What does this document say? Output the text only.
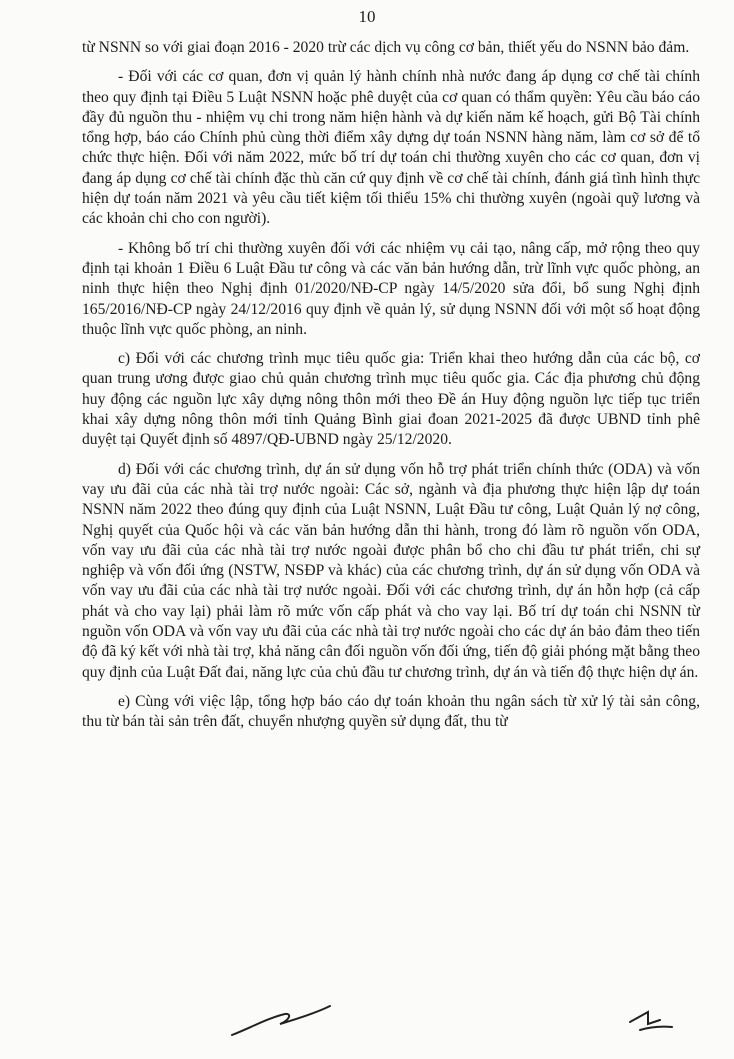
10

từ NSNN so với giai đoạn 2016 - 2020 trừ các dịch vụ công cơ bản, thiết yếu do NSNN bảo đảm.

- Đối với các cơ quan, đơn vị quản lý hành chính nhà nước đang áp dụng cơ chế tài chính theo quy định tại Điều 5 Luật NSNN hoặc phê duyệt của cơ quan có thẩm quyền: Yêu cầu báo cáo đầy đủ nguồn thu - nhiệm vụ chi trong năm hiện hành và dự kiến năm kế hoạch, gửi Bộ Tài chính tổng hợp, báo cáo Chính phủ cùng thời điểm xây dựng dự toán NSNN hàng năm, làm cơ sở để tổ chức thực hiện. Đối với năm 2022, mức bố trí dự toán chi thường xuyên cho các cơ quan, đơn vị đang áp dụng cơ chế tài chính đặc thù căn cứ quy định về cơ chế tài chính, đánh giá tình hình thực hiện dự toán năm 2021 và yêu cầu tiết kiệm tối thiểu 15% chi thường xuyên (ngoài quỹ lương và các khoản chi cho con người).

- Không bố trí chi thường xuyên đối với các nhiệm vụ cải tạo, nâng cấp, mở rộng theo quy định tại khoản 1 Điều 6 Luật Đầu tư công và các văn bản hướng dẫn, trừ lĩnh vực quốc phòng, an ninh thực hiện theo Nghị định 01/2020/NĐ-CP ngày 14/5/2020 sửa đổi, bổ sung Nghị định 165/2016/NĐ-CP ngày 24/12/2016 quy định về quản lý, sử dụng NSNN đối với một số hoạt động thuộc lĩnh vực quốc phòng, an ninh.

c) Đối với các chương trình mục tiêu quốc gia: Triển khai theo hướng dẫn của các bộ, cơ quan trung ương được giao chủ quản chương trình mục tiêu quốc gia. Các địa phương chủ động huy động các nguồn lực xây dựng nông thôn mới theo Đề án Huy động nguồn lực tiếp tục triển khai xây dựng nông thôn mới tỉnh Quảng Bình giai đoan 2021-2025 đã được UBND tỉnh phê duyệt tại Quyết định số 4897/QĐ-UBND ngày 25/12/2020.

d) Đối với các chương trình, dự án sử dụng vốn hỗ trợ phát triển chính thức (ODA) và vốn vay ưu đãi của các nhà tài trợ nước ngoài: Các sở, ngành và địa phương thực hiện lập dự toán NSNN năm 2022 theo đúng quy định của Luật NSNN, Luật Đầu tư công, Luật Quản lý nợ công, Nghị quyết của Quốc hội và các văn bản hướng dẫn thi hành, trong đó làm rõ nguồn vốn ODA, vốn vay ưu đãi của các nhà tài trợ nước ngoài được phân bổ cho chi đầu tư phát triển, chi sự nghiệp và vốn đối ứng (NSTW, NSĐP và khác) của các chương trình, dự án sử dụng vốn ODA và vốn vay ưu đãi của các nhà tài trợ nước ngoài. Đối với các chương trình, dự án hỗn hợp (cả cấp phát và cho vay lại) phải làm rõ mức vốn cấp phát và cho vay lại. Bố trí dự toán chi NSNN từ nguồn vốn ODA và vốn vay ưu đãi của các nhà tài trợ nước ngoài cho các dự án bảo đảm theo tiến độ đã ký kết với nhà tài trợ, khả năng cân đối nguồn vốn đối ứng, tiến độ giải phóng mặt bằng theo quy định của Luật Đất đai, năng lực của chủ đầu tư chương trình, dự án và tiến độ thực hiện dự án.

e) Cùng với việc lập, tổng hợp báo cáo dự toán khoản thu ngân sách từ xử lý tài sản công, thu từ bán tài sản trên đất, chuyển nhượng quyền sử dụng đất, thu từ
